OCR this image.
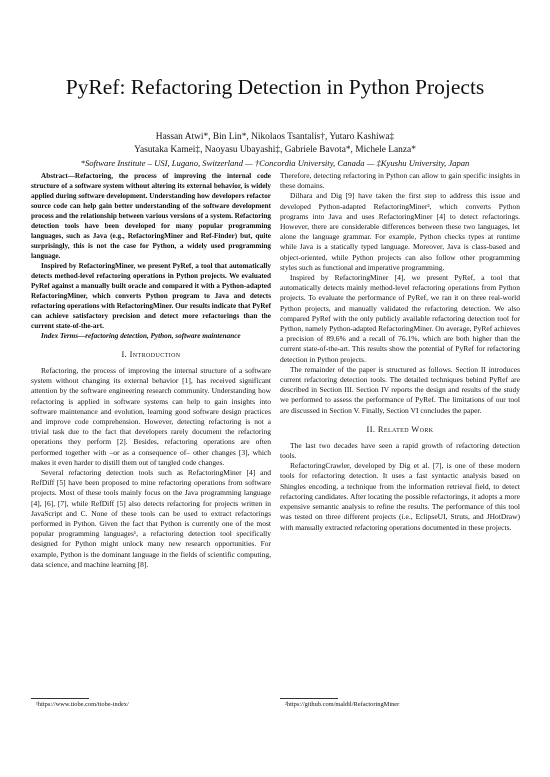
PyRef: Refactoring Detection in Python Projects
Hassan Atwi*, Bin Lin*, Nikolaos Tsantalis†, Yutaro Kashiwa‡
Yasutaka Kamei‡, Naoyasu Ubayashi‡, Gabriele Bavota*, Michele Lanza*
*Software Institute – USI, Lugano, Switzerland — †Concordia University, Canada — ‡Kyushu University, Japan

Abstract—Refactoring, the process of improving the internal code structure of a software system without altering its external behavior, is widely applied during software development. Understanding how developers refactor source code can help gain better understanding of the software development process and the relationship between various versions of a system. Refactoring detection tools have been developed for many popular programming languages, such as Java (e.g., RefactoringMiner and Ref-Finder) but, quite surprisingly, this is not the case for Python, a widely used programming language.

Inspired by RefactoringMiner, we present PyRef, a tool that automatically detects method-level refactoring operations in Python projects. We evaluated PyRef against a manually built oracle and compared it with a Python-adapted RefactoringMiner, which converts Python program to Java and detects refactoring operations with RefactoringMiner. Our results indicate that PyRef can achieve satisfactory precision and detect more refactorings than the current state-of-the-art.

Index Terms—refactoring detection, Python, software maintenance

I. Introduction

Refactoring, the process of improving the internal structure of a software system without changing its external behavior [1], has received significant attention by the software engineering research community. Understanding how refactoring is applied in software systems can help to gain insights into software maintenance and evolution, learning good software design practices and improve code comprehension. However, detecting refactoring is not a trivial task due to the fact that developers rarely document the refactoring operations they perform [2]. Besides, refactoring operations are often performed together with –or as a consequence of– other changes [3], which makes it even harder to distill them out of tangled code changes.

Several refactoring detection tools such as RefactoringMiner [4] and RefDiff [5] have been proposed to mine refactoring operations from software projects. Most of these tools mainly focus on the Java programming language [4], [6], [7], while RefDiff [5] also detects refactoring for projects written in JavaScript and C. None of these tools can be used to extract refactorings performed in Python. Given the fact that Python is currently one of the most popular programming languages¹, a refactoring detection tool specifically designed for Python might unlock many new research opportunities. For example, Python is the dominant language in the fields of scientific computing, data science, and machine learning [8].

Therefore, detecting refactoring in Python can allow to gain specific insights in these domains.

Dilhara and Dig [9] have taken the first step to address this issue and developed Python-adapted RefactoringMiner², which converts Python programs into Java and uses RefactoringMiner [4] to detect refactorings. However, there are considerable differences between these two languages, let alone the language grammar. For example, Python checks types at runtime while Java is a statically typed language. Moreover, Java is class-based and object-oriented, while Python projects can also follow other programming styles such as functional and imperative programming.

Inspired by RefactoringMiner [4], we present PyRef, a tool that automatically detects mainly method-level refactoring operations from Python projects. To evaluate the performance of PyRef, we ran it on three real-world Python projects, and manually validated the refactoring detection. We also compared PyRef with the only publicly available refactoring detection tool for Python, namely Python-adapted RefactoringMiner. On average, PyRef achieves a precision of 89.6% and a recall of 76.1%, which are both higher than the current state-of-the-art. This results show the potential of PyRef for refactoring detection in Python projects.

The remainder of the paper is structured as follows. Section II introduces current refactoring detection tools. The detailed techniques behind PyRef are described in Section III. Section IV reports the design and results of the study we performed to assess the performance of PyRef. The limitations of our tool are discussed in Section V. Finally, Section VI concludes the paper.

II. Related Work

The last two decades have seen a rapid growth of refactoring detection tools.

RefactoringCrawler, developed by Dig et al. [7], is one of these modern tools for refactoring detection. It uses a fast syntactic analysis based on Shingles encoding, a technique from the information retrieval field, to detect refactoring candidates. After locating the possible refactorings, it adopts a more expensive semantic analysis to refine the results. The performance of this tool was tested on three different projects (i.e., EclipseUI, Struts, and JHotDraw) with manually extracted refactoring operations documented in these projects.

¹https://www.tiobe.com/tiobe-index/	²https://github.com/maldil/RefactoringMiner
